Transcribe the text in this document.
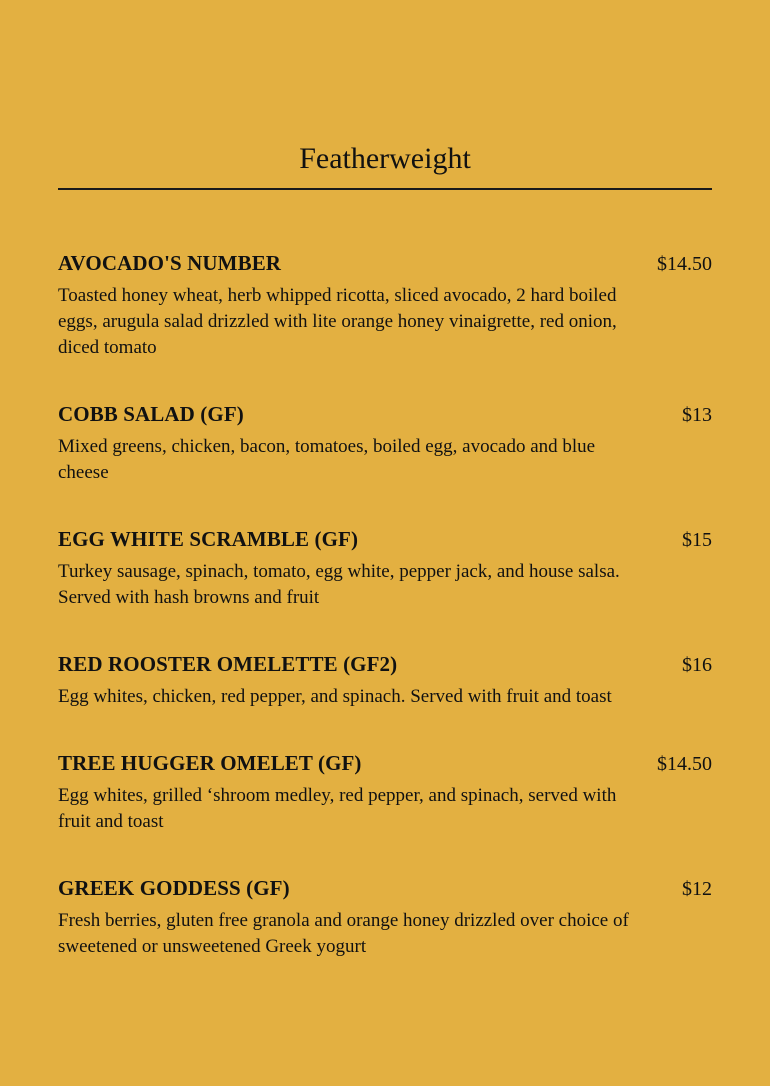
Featherweight
AVOCADO'S NUMBER	$14.50

Toasted honey wheat, herb whipped ricotta, sliced avocado, 2 hard boiled eggs, arugula salad drizzled with lite orange honey vinaigrette, red onion, diced tomato

COBB SALAD (GF)	$13

Mixed greens, chicken, bacon, tomatoes, boiled egg, avocado and blue cheese

EGG WHITE SCRAMBLE (GF)	$15

Turkey sausage, spinach, tomato, egg white, pepper jack, and house salsa. Served with hash browns and fruit

RED ROOSTER OMELETTE (GF2)	$16

Egg whites, chicken, red pepper, and spinach. Served with fruit and toast

TREE HUGGER OMELET (GF)	$14.50

Egg whites, grilled ‘shroom medley, red pepper, and spinach, served with fruit and toast

GREEK GODDESS (GF)	$12

Fresh berries, gluten free granola and orange honey drizzled over choice of sweetened or unsweetened Greek yogurt
